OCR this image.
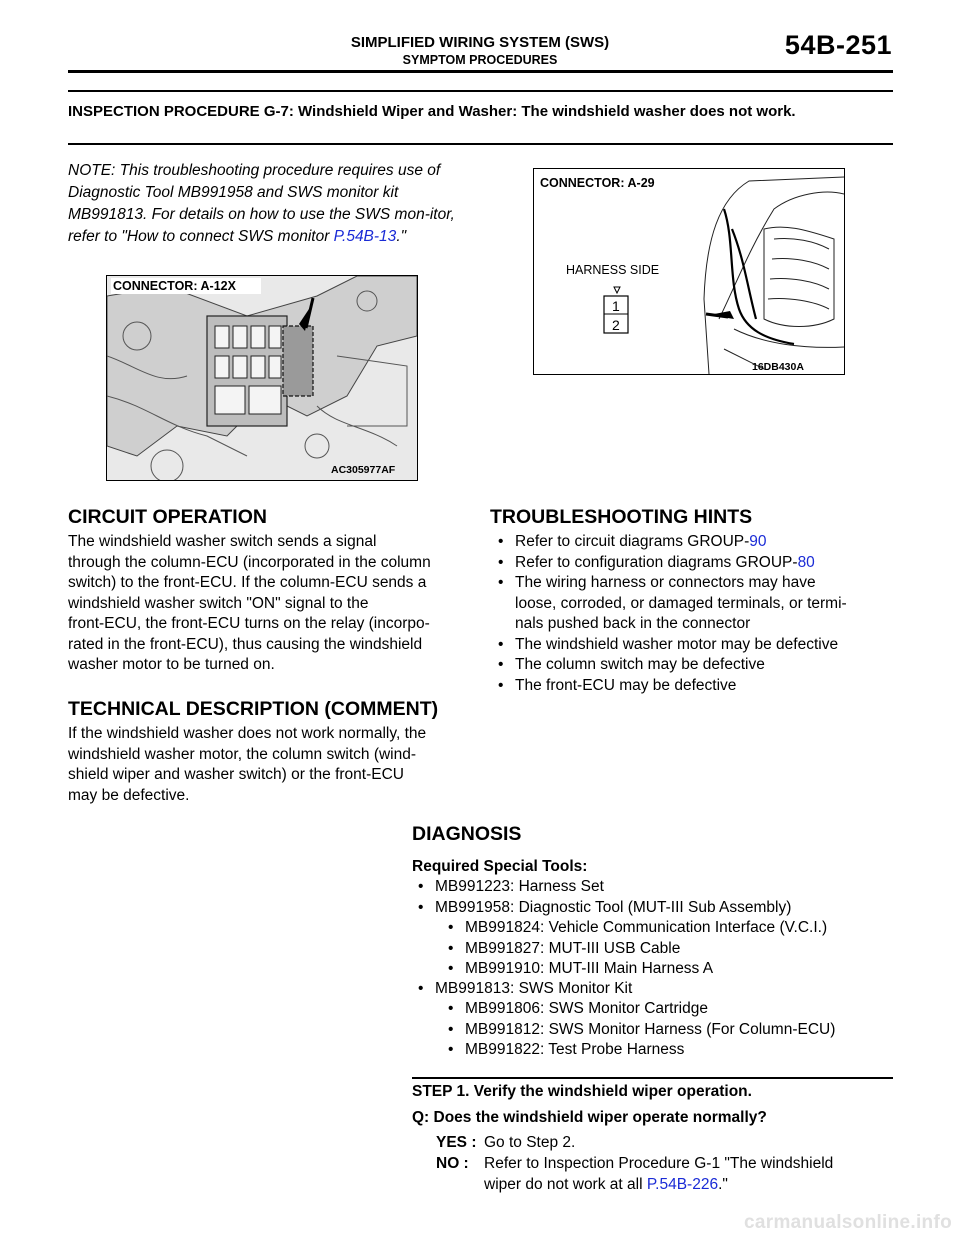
SIMPLIFIED WIRING SYSTEM (SWS)
SYMPTOM PROCEDURES	54B-251
INSPECTION PROCEDURE G-7: Windshield Wiper and Washer: The windshield washer does not work.
NOTE: This troubleshooting procedure requires use of Diagnostic Tool MB991958 and SWS monitor kit MB991813. For details on how to use the SWS mon-itor, refer to "How to connect SWS monitor P.54B-13."
CONNECTOR: A-12X
AC305977AF
CONNECTOR: A-29
HARNESS SIDE
1
2
16DB430A
CIRCUIT OPERATION
The windshield washer switch sends a signal
through the column-ECU (incorporated in the column
switch) to the front-ECU. If the column-ECU sends a
windshield washer switch "ON" signal to the
front-ECU, the front-ECU turns on the relay (incorpo-
rated in the front-ECU), thus causing the windshield
washer motor to be turned on.
TECHNICAL DESCRIPTION (COMMENT)
If the windshield washer does not work normally, the
windshield washer motor, the column switch (wind-
shield wiper and washer switch) or the front-ECU
may be defective.
TROUBLESHOOTING HINTS
• Refer to circuit diagrams GROUP-90
• Refer to configuration diagrams GROUP-80
• The wiring harness or connectors may have
loose, corroded, or damaged terminals, or termi-
nals pushed back in the connector
• The windshield washer motor may be defective
• The column switch may be defective
• The front-ECU may be defective
DIAGNOSIS
Required Special Tools:
• MB991223: Harness Set
• MB991958: Diagnostic Tool (MUT-III Sub Assembly)
• MB991824: Vehicle Communication Interface (V.C.I.)
• MB991827: MUT-III USB Cable
• MB991910: MUT-III Main Harness A
• MB991813: SWS Monitor Kit
• MB991806: SWS Monitor Cartridge
• MB991812: SWS Monitor Harness (For Column-ECU)
• MB991822: Test Probe Harness
STEP 1. Verify the windshield wiper operation.
Q: Does the windshield wiper operate normally?
YES : Go to Step 2.
NO : Refer to Inspection Procedure G-1 "The windshield
wiper do not work at all P.54B-226."
carmanualsonline.info
